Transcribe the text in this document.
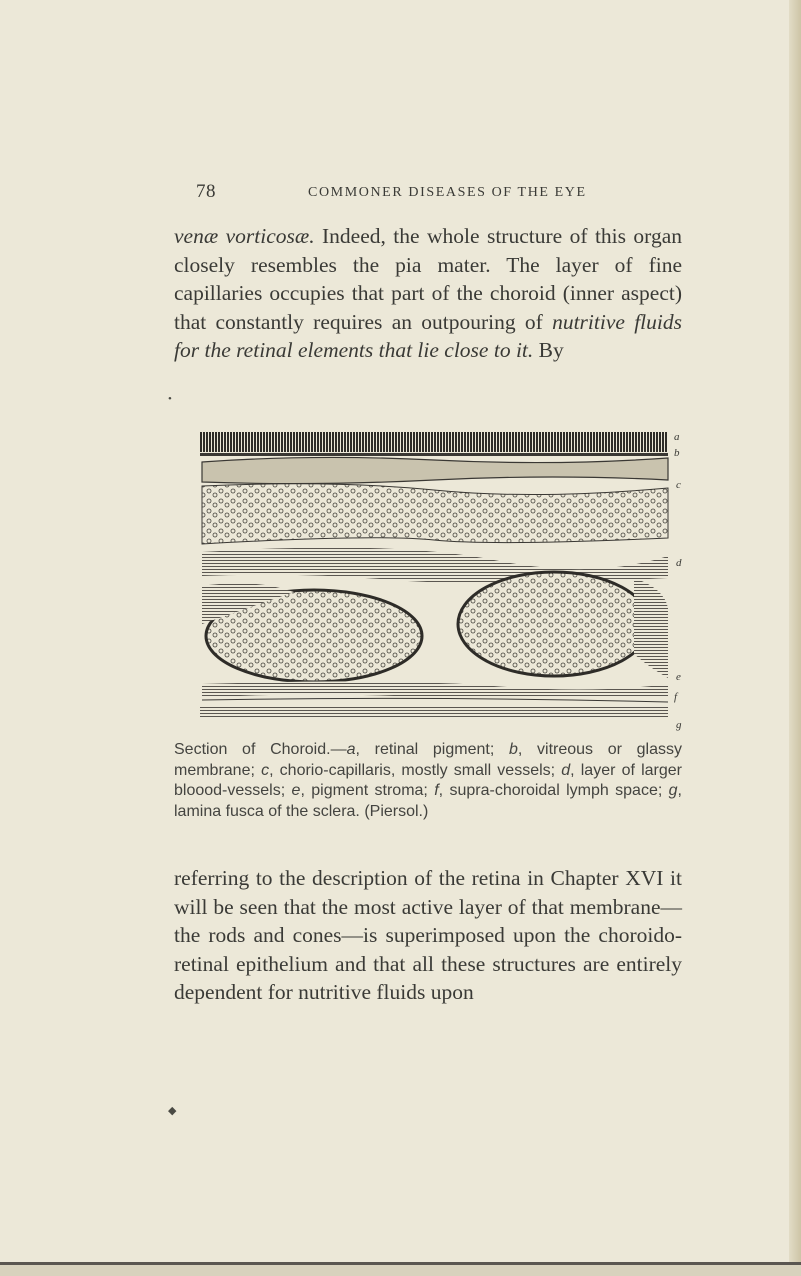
78	COMMONER DISEASES OF THE EYE

venæ vorticosæ. Indeed, the whole structure of this organ closely resembles the pia mater. The layer of fine capillaries occupies that part of the choroid (inner aspect) that constantly requires an outpouring of nutritive fluids for the retinal elements that lie close to it. By

•
a
b
c
d
e
f
g

Section of Choroid.—a, retinal pigment; b, vitreous or glassy membrane; c, chorio-capillaris, mostly small vessels; d, layer of larger bloood-vessels; e, pigment stroma; f, supra-choroidal lymph space; g, lamina fusca of the sclera. (Piersol.)

referring to the description of the retina in Chapter XVI it will be seen that the most active layer of that membrane—the rods and cones—is superimposed upon the choroido-retinal epithelium and that all these structures are entirely dependent for nutritive fluids upon

◆
